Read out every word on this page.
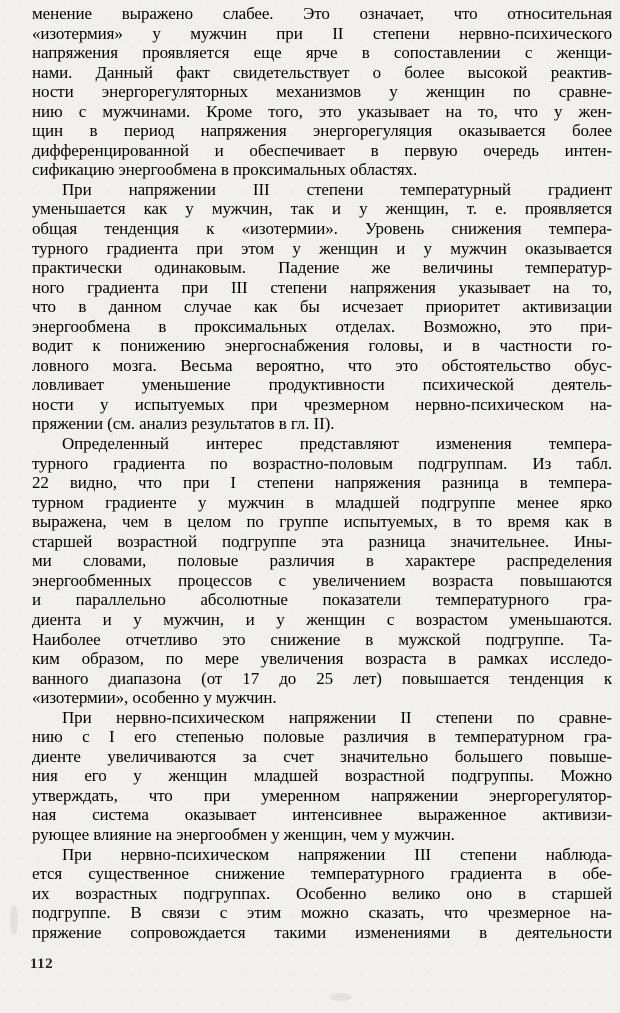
менение выражено слабее. Это означает, что относительная
«изотермия» у мужчин при II степени нервно-психического
напряжения проявляется еще ярче в сопоставлении с женщи-
нами. Данный факт свидетельствует о более высокой реактив-
ности энергорегуляторных механизмов у женщин по сравне-
нию с мужчинами. Кроме того, это указывает на то, что у жен-
щин в период напряжения энергорегуляция оказывается более
дифференцированной и обеспечивает в первую очередь интен-
сификацию энергообмена в проксимальных областях.
При напряжении III степени температурный градиент
уменьшается как у мужчин, так и у женщин, т. е. проявляется
общая тенденция к «изотермии». Уровень снижения темпера-
турного градиента при этом у женщин и у мужчин оказывается
практически одинаковым. Падение же величины температур-
ного градиента при III степени напряжения указывает на то,
что в данном случае как бы исчезает приоритет активизации
энергообмена в проксимальных отделах. Возможно, это при-
водит к понижению энергоснабжения головы, и в частности го-
ловного мозга. Весьма вероятно, что это обстоятельство обус-
ловливает уменьшение продуктивности психической деятель-
ности у испытуемых при чрезмерном нервно-психическом на-
пряжении (см. анализ результатов в гл. II).
Определенный интерес представляют изменения темпера-
турного градиента по возрастно-половым подгруппам. Из табл.
22 видно, что при I степени напряжения разница в темпера-
турном градиенте у мужчин в младшей подгруппе менее ярко
выражена, чем в целом по группе испытуемых, в то время как в
старшей возрастной подгруппе эта разница значительнее. Ины-
ми словами, половые различия в характере распределения
энергообменных процессов с увеличением возраста повышаются
и параллельно абсолютные показатели температурного гра-
диента и у мужчин, и у женщин с возрастом уменьшаются.
Наиболее отчетливо это снижение в мужской подгруппе. Та-
ким образом, по мере увеличения возраста в рамках исследо-
ванного диапазона (от 17 до 25 лет) повышается тенденция к
«изотермии», особенно у мужчин.
При нервно-психическом напряжении II степени по сравне-
нию с I его степенью половые различия в температурном гра-
диенте увеличиваются за счет значительно большего повыше-
ния его у женщин младшей возрастной подгруппы. Можно
утверждать, что при умеренном напряжении энергорегулятор-
ная система оказывает интенсивнее выраженное активизи-
рующее влияние на энергообмен у женщин, чем у мужчин.
При нервно-психическом напряжении III степени наблюда-
ется существенное снижение температурного градиента в обе-
их возрастных подгруппах. Особенно велико оно в старшей
подгруппе. В связи с этим можно сказать, что чрезмерное на-
пряжение сопровождается такими изменениями в деятельности
112
